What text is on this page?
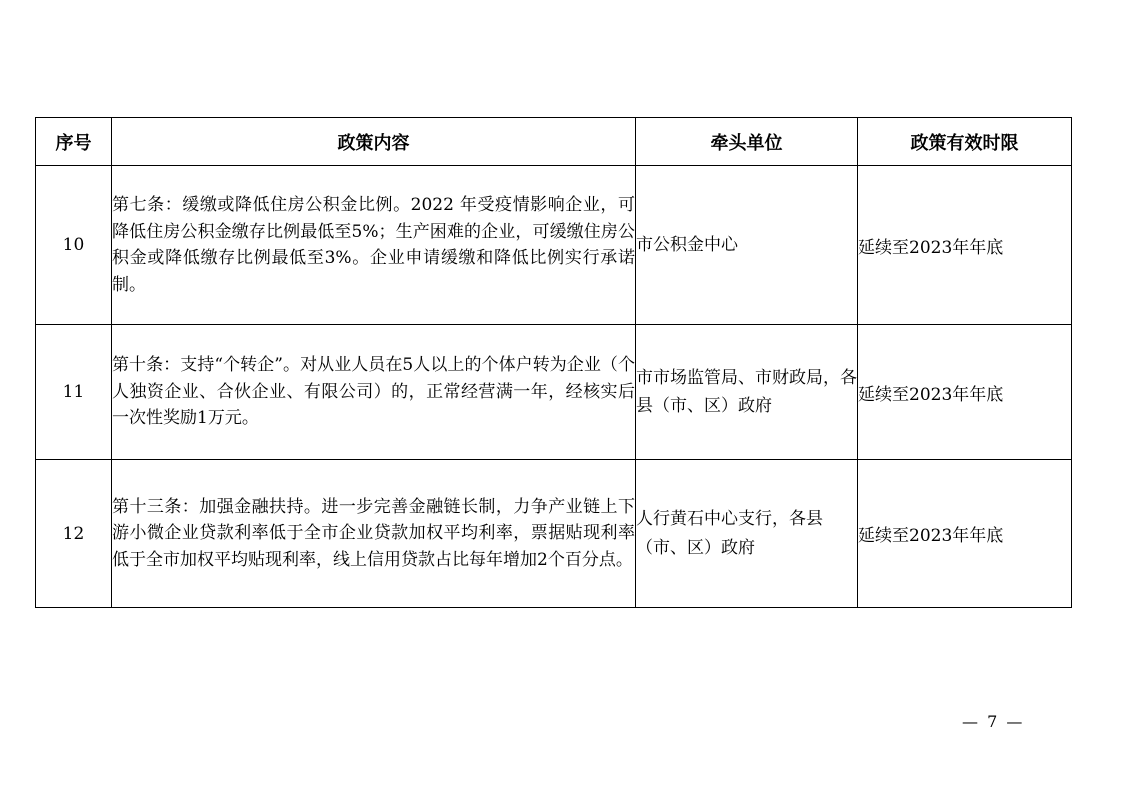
序号	政策内容	牵头单位	政策有效时限
10	第七条：缓缴或降低住房公积金比例。2022 年受疫情影响企业，可降低住房公积金缴存比例最低至5%；生产困难的企业，可缓缴住房公积金或降低缴存比例最低至3%。企业申请缓缴和降低比例实行承诺制。	市公积金中心	延续至2023年年底
11	第十条：支持“个转企”。对从业人员在5人以上的个体户转为企业（个人独资企业、合伙企业、有限公司）的，正常经营满一年，经核实后一次性奖励1万元。	市市场监管局、市财政局，各县（市、区）政府	延续至2023年年底
12	第十三条：加强金融扶持。进一步完善金融链长制，力争产业链上下游小微企业贷款利率低于全市企业贷款加权平均利率，票据贴现利率低于全市加权平均贴现利率，线上信用贷款占比每年增加2个百分点。	人行黄石中心支行，各县（市、区）政府	延续至2023年年底
— 7 —
